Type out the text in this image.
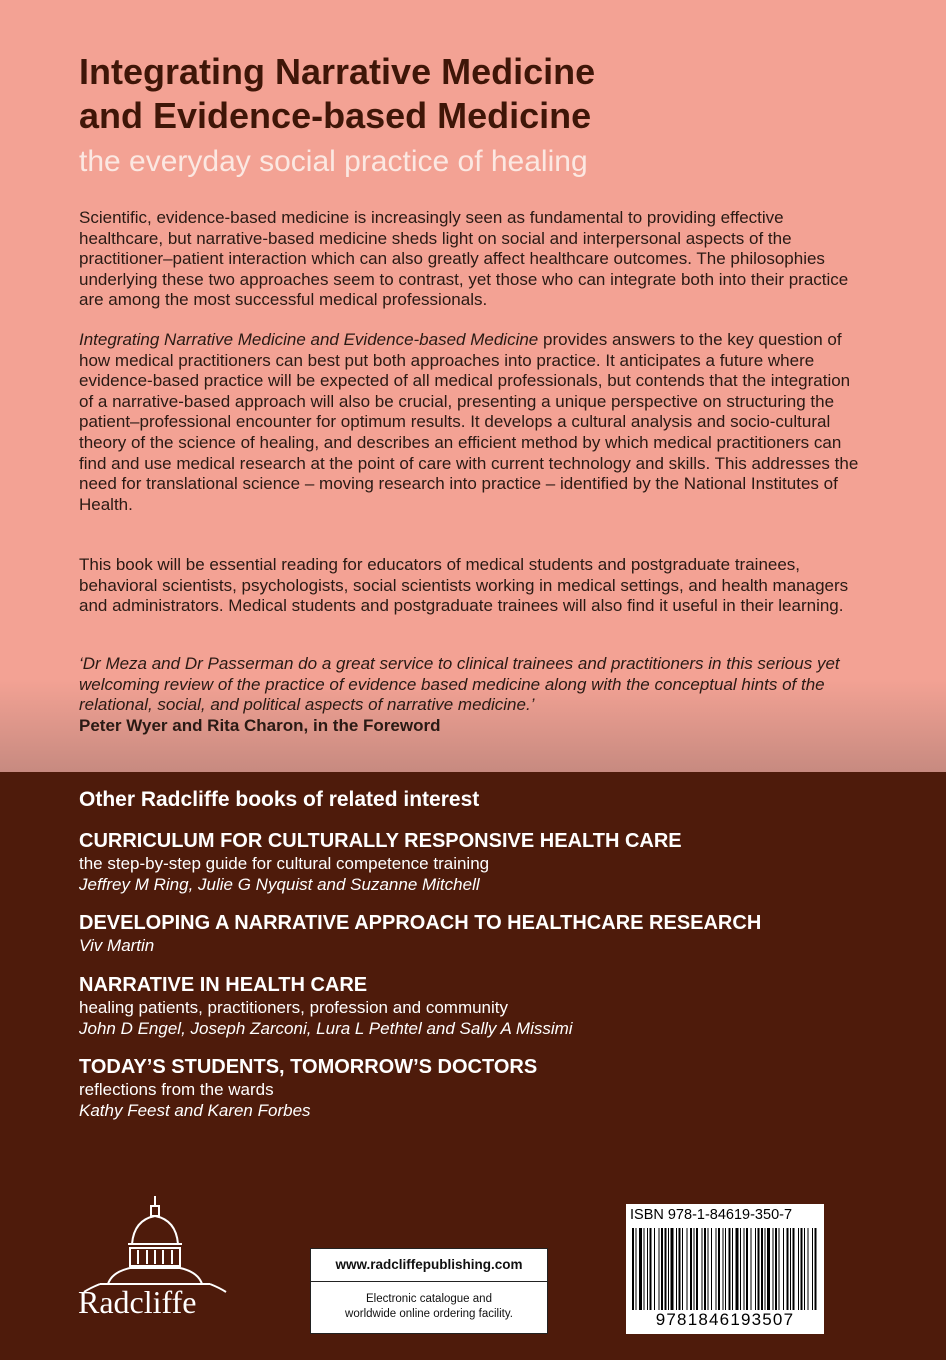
Integrating Narrative Medicine
and Evidence-based Medicine
the everyday social practice of healing

Scientific, evidence-based medicine is increasingly seen as fundamental to providing effective healthcare, but narrative-based medicine sheds light on social and interpersonal aspects of the practitioner–patient interaction which can also greatly affect healthcare outcomes. The philosophies underlying these two approaches seem to contrast, yet those who can integrate both into their practice are among the most successful medical professionals.

Integrating Narrative Medicine and Evidence-based Medicine provides answers to the key question of how medical practitioners can best put both approaches into practice. It anticipates a future where evidence-based practice will be expected of all medical professionals, but contends that the integration of a narrative-based approach will also be crucial, presenting a unique perspective on structuring the patient–professional encounter for optimum results. It develops a cultural analysis and socio-cultural theory of the science of healing, and describes an efficient method by which medical practitioners can find and use medical research at the point of care with current technology and skills. This addresses the need for translational science – moving research into practice – identified by the National Institutes of Health.

This book will be essential reading for educators of medical students and postgraduate trainees, behavioral scientists, psychologists, social scientists working in medical settings, and health managers and administrators. Medical students and postgraduate trainees will also find it useful in their learning.

‘Dr Meza and Dr Passerman do a great service to clinical trainees and practitioners in this serious yet welcoming review of the practice of evidence based medicine along with the conceptual hints of the relational, social, and political aspects of narrative medicine.’
Peter Wyer and Rita Charon, in the Foreword

Other Radcliffe books of related interest
CURRICULUM FOR CULTURALLY RESPONSIVE HEALTH CARE
the step-by-step guide for cultural competence training
Jeffrey M Ring, Julie G Nyquist and Suzanne Mitchell
DEVELOPING A NARRATIVE APPROACH TO HEALTHCARE RESEARCH
Viv Martin
NARRATIVE IN HEALTH CARE
healing patients, practitioners, profession and community
John D Engel, Joseph Zarconi, Lura L Pethtel and Sally A Missimi
TODAY’S STUDENTS, TOMORROW’S DOCTORS
reflections from the wards
Kathy Feest and Karen Forbes
Radcliffe
www.radcliffepublishing.com
Electronic catalogue and
worldwide online ordering facility.
ISBN 978-1-84619-350-7
9781846193507
